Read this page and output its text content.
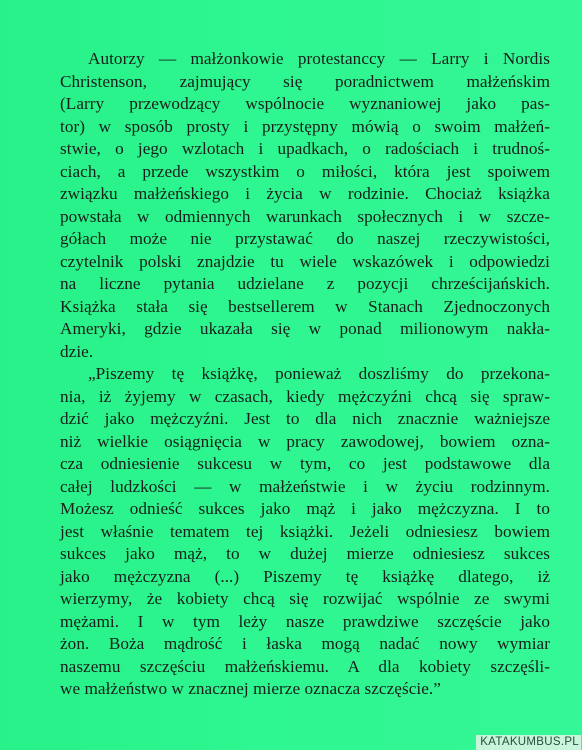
Autorzy — małżonkowie protestanccy — Larry i Nordis
Christenson, zajmujący się poradnictwem małżeńskim
(Larry przewodzący wspólnocie wyznaniowej jako pas-
tor) w sposób prosty i przystępny mówią o swoim małżeń-
stwie, o jego wzlotach i upadkach, o radościach i trudnoś-
ciach, a przede wszystkim o miłości, która jest spoiwem
związku małżeńskiego i życia w rodzinie. Chociaż książka
powstała w odmiennych warunkach społecznych i w szcze-
gółach może nie przystawać do naszej rzeczywistości,
czytelnik polski znajdzie tu wiele wskazówek i odpowiedzi
na liczne pytania udzielane z pozycji chrześcijańskich.
Książka stała się bestsellerem w Stanach Zjednoczonych
Ameryki, gdzie ukazała się w ponad milionowym nakła-
dzie.
„Piszemy tę książkę, ponieważ doszliśmy do przekona-
nia, iż żyjemy w czasach, kiedy mężczyźni chcą się spraw-
dzić jako mężczyźni. Jest to dla nich znacznie ważniejsze
niż wielkie osiągnięcia w pracy zawodowej, bowiem ozna-
cza odniesienie sukcesu w tym, co jest podstawowe dla
całej ludzkości — w małżeństwie i w życiu rodzinnym.
Możesz odnieść sukces jako mąż i jako mężczyzna. I to
jest właśnie tematem tej książki. Jeżeli odniesiesz bowiem
sukces jako mąż, to w dużej mierze odniesiesz sukces
jako mężczyzna (...) Piszemy tę książkę dlatego, iż
wierzymy, że kobiety chcą się rozwijać wspólnie ze swymi
mężami. I w tym leży nasze prawdziwe szczęście jako
żon. Boża mądrość i łaska mogą nadać nowy wymiar
naszemu szczęściu małżeńskiemu. A dla kobiety szczęśli-
we małżeństwo w znacznej mierze oznacza szczęście.”
KATAKUMBUS.PL
